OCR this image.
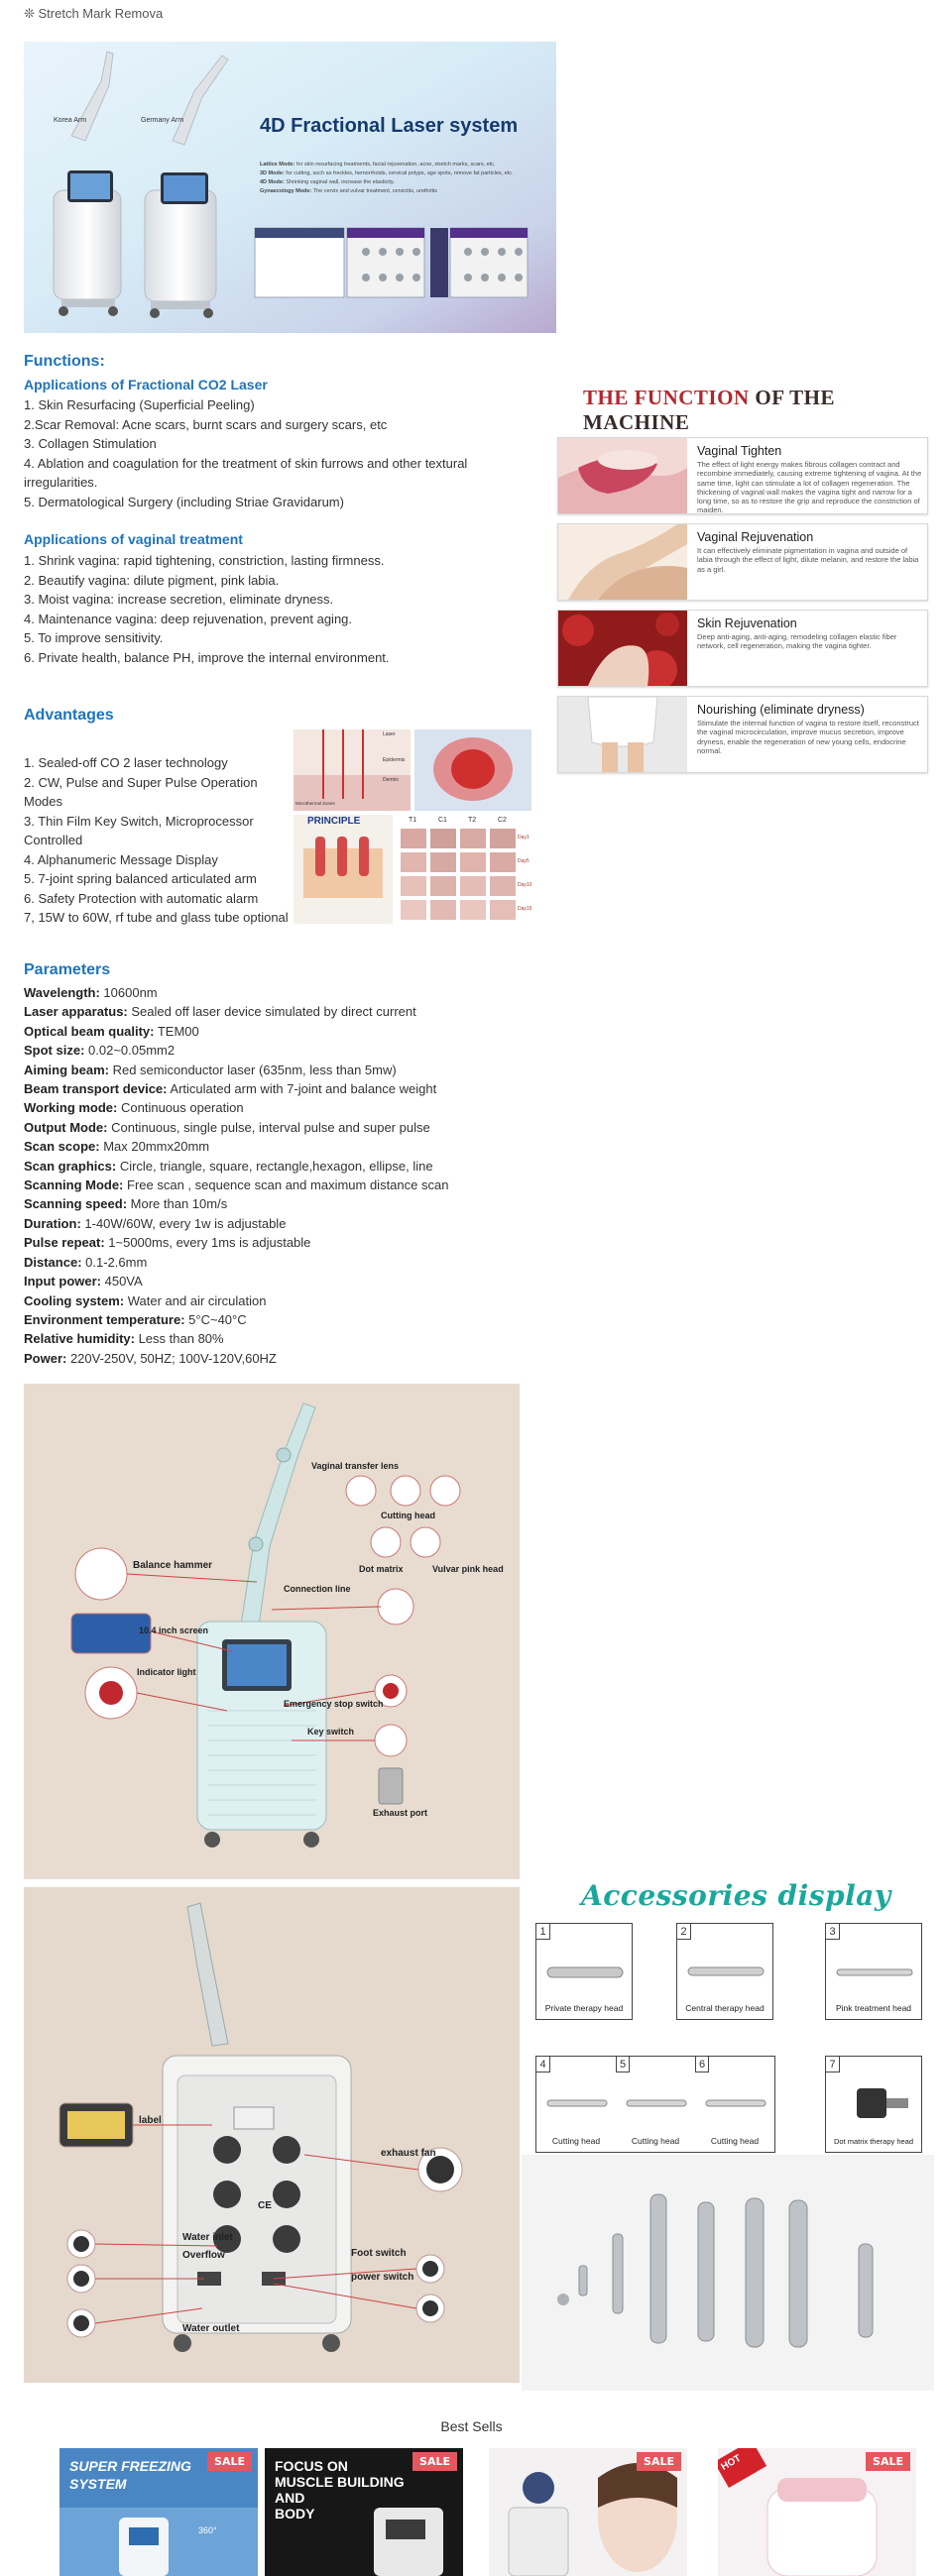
❊ Stretch Mark Remova
Korea Arm	Germany Arm	4D Fractional Laser system
Lattice Mode: for skin resurfacing treatments, facial rejuvenation, acne, stretch marks, scars, etc.
3D Mode: for cutting, such as freckles, hemorrhoids, cervical polyps, age spots, remove fat particles, etc.
4D Mode: Shrinking vaginal wall, increase the elasticity.
Gynaecology Mode: The cervix and vulvar treatment, cervicitis, urethritis
Functions:
Applications of Fractional CO2 Laser
1. Skin Resurfacing (Superficial Peeling)
2.Scar Removal: Acne scars, burnt scars and surgery scars, etc
3. Collagen Stimulation
4. Ablation and coagulation for the treatment of skin furrows and other textural irregularities.
5. Dermatological Surgery (including Striae Gravidarum)
Applications of vaginal treatment
1. Shrink vagina: rapid tightening, constriction, lasting firmness.
2. Beautify vagina: dilute pigment, pink labia.
3. Moist vagina: increase secretion, eliminate dryness.
4. Maintenance vagina: deep rejuvenation, prevent aging.
5. To improve sensitivity.
6. Private health, balance PH, improve the internal environment.
THE FUNCTION OF THE MACHINE
Vaginal Tighten
The effect of light energy makes fibrous collagen contract and recombine immediately, causing extreme tightening of vagina. At the same time, light can stimulate a lot of collagen regeneration. The thickening of vaginal wall makes the vagina tight and narrow for a long time, so as to restore the grip and reproduce the constriction of maiden.
Vaginal Rejuvenation
It can effectively eliminate pigmentation in vagina and outside of labia through the effect of light, dilute melanin, and restore the labia as a girl.
Skin Rejuvenation
Deep anti-aging, anti-aging, remodeling collagen elastic fiber network, cell regeneration, making the vagina tighter.
Nourishing (eliminate dryness)
Stimulate the internal function of vagina to restore itself, reconstruct the vaginal microcirculation, improve mucus secretion, improve dryness, enable the regeneration of new young cells, endocrine normal.
Advantages
1. Sealed-off CO 2 laser technology
2. CW, Pulse and Super Pulse Operation Modes
3. Thin Film Key Switch, Microprocessor Controlled
4. Alphanumeric Message Display
5. 7-joint spring balanced articulated arm
6. Safety Protection with automatic alarm
7, 15W to 60W, rf tube and glass tube optional
Laser
Epidermis
Dermis
Microthermal Zones
PRINCIPLE	T1	C1	T2	C2
Day1
Day5
Day10
Day15
Parameters
Wavelength: 10600nm
Laser apparatus: Sealed off laser device simulated by direct current
Optical beam quality: TEM00
Spot size: 0.02~0.05mm2
Aiming beam: Red semiconductor laser (635nm, less than 5mw)
Beam transport device: Articulated arm with 7-joint and balance weight
Working mode: Continuous operation
Output Mode: Continuous, single pulse, interval pulse and super pulse
Scan scope: Max 20mmx20mm
Scan graphics: Circle, triangle, square, rectangle,hexagon, ellipse, line
Scanning Mode: Free scan , sequence scan and maximum distance scan
Scanning speed: More than 10m/s
Duration: 1-40W/60W, every 1w is adjustable
Pulse repeat: 1~5000ms, every 1ms is adjustable
Distance: 0.1-2.6mm
Input power: 450VA
Cooling system: Water and air circulation
Environment temperature: 5°C~40°C
Relative humidity: Less than 80%
Power: 220V-250V, 50HZ; 100V-120V,60HZ
Vaginal transfer lens
Cutting head
Balance hammer	Dot matrix	Vulvar pink head
Connection line
10.4 inch screen
Indicator light
Emergency stop switch
Key switch
Exhaust port
label
CE
exhaust fan
Water inlet
Overflow	Foot switch
power switch
Water outlet
Accessories display
1
Private therapy head
2
Central therapy head
3
Pink treatment head
4	5	6
Cutting head	Cutting head	Cutting head
7
Dot matrix therapy head
Best Sells
SUPER FREEZING
SYSTEM
360°
SALE	FOCUS ON
MUSCLE BUILDING
AND
BODY
SALE	SALE	HOT	SALE
